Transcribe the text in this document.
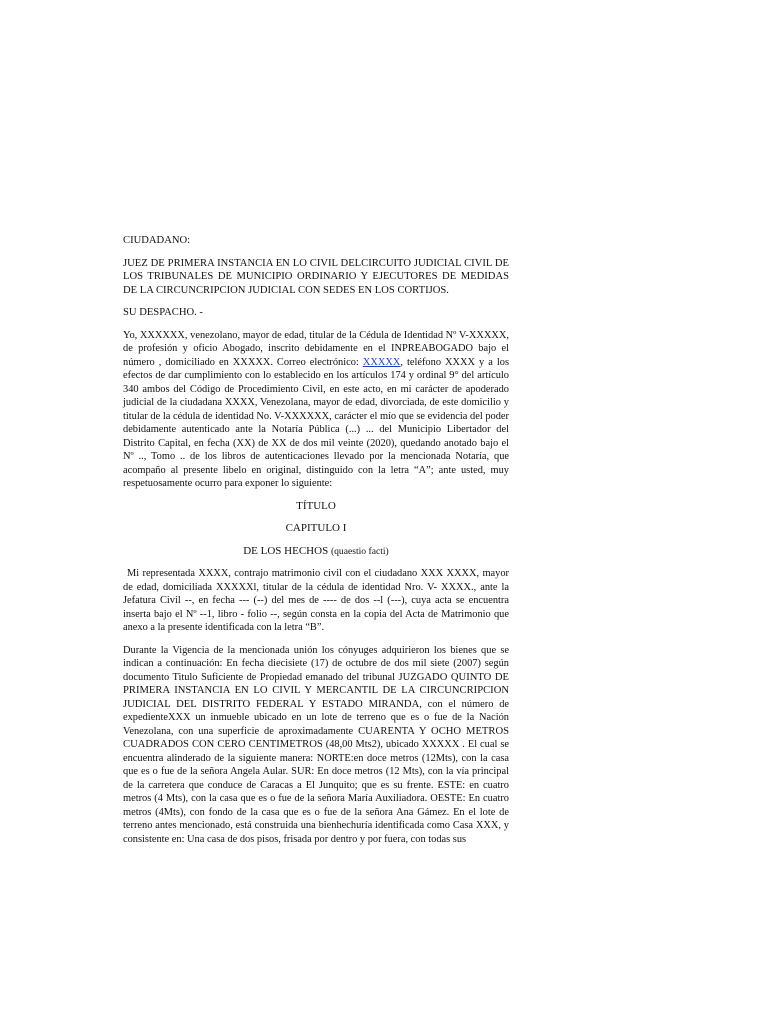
CIUDADANO:

JUEZ DE PRIMERA INSTANCIA EN LO CIVIL DELCIRCUITO JUDICIAL CIVIL DE LOS TRIBUNALES DE MUNICIPIO ORDINARIO Y EJECUTORES DE MEDIDAS DE LA CIRCUNCRIPCION JUDICIAL CON SEDES EN LOS CORTIJOS.

SU DESPACHO. -

Yo, XXXXXX, venezolano, mayor de edad, titular de la Cédula de Identidad Nº V-XXXXX, de profesión y oficio Abogado, inscrito debidamente en el INPREABOGADO bajo el número , domiciliado en XXXXX. Correo electrónico: XXXXX, teléfono XXXX y a los efectos de dar cumplimiento con lo establecido en los artículos 174 y ordinal 9° del artículo 340 ambos del Código de Procedimiento Civil, en este acto, en mi carácter de apoderado judicial de la ciudadana XXXX, Venezolana, mayor de edad, divorciada, de este domicilio y titular de la cédula de identidad No. V-XXXXXX, carácter el mío que se evidencia del poder debidamente autenticado ante la Notaría Pública (...) ... del Municipio Libertador del Distrito Capital, en fecha (XX) de XX de dos mil veinte (2020), quedando anotado bajo el Nº .., Tomo .. de los libros de autenticaciones llevado por la mencionada Notaría, que acompaño al presente libelo en original, distinguido con la letra “A”; ante usted, muy respetuosamente ocurro para exponer lo siguiente:

TÍTULO

CAPITULO I

DE LOS HECHOS (quaestio facti)

Mi representada XXXX, contrajo matrimonio civil con el ciudadano XXX XXXX, mayor de edad, domiciliada XXXXXl, titular de la cédula de identidad Nro. V- XXXX., ante la Jefatura Civil --, en fecha --- (--) del mes de ---- de dos --l (---), cuya acta se encuentra inserta bajo el Nº --1, libro - folio --, según consta en la copia del Acta de Matrimonio que anexo a la presente identificada con la letra “B”.

Durante la Vigencia de la mencionada unión los cónyuges adquirieron los bienes que se indican a continuación: En fecha diecisiete (17) de octubre de dos mil siete (2007) según documento Titulo Suficiente de Propiedad emanado del tribunal JUZGADO QUINTO DE PRIMERA INSTANCIA EN LO CIVIL Y MERCANTIL DE LA CIRCUNCRIPCION JUDICIAL DEL DISTRITO FEDERAL Y ESTADO MIRANDA, con el número de expedienteXXX un inmueble ubicado en un lote de terreno que es o fue de la Nación Venezolana, con una superficie de aproximadamente CUARENTA Y OCHO METROS CUADRADOS CON CERO CENTIMETROS (48,00 Mts2), ubicado XXXXX . El cual se encuentra alinderado de la siguiente manera: NORTE:en doce metros (12Mts), con la casa que es o fue de la señora Angela Aular. SUR: En doce metros (12 Mts), con la vía principal de la carretera que conduce de Caracas a El Junquito; que es su frente. ESTE: en cuatro metros (4 Mts), con la casa que es o fue de la señora María Auxiliadora. OESTE: En cuatro metros (4Mts), con fondo de la casa que es o fue de la señora Ana Gámez. En el lote de terreno antes mencionado, está construida una bienhechuría identificada como Casa XXX, y consistente en: Una casa de dos pisos, frisada por dentro y por fuera, con todas sus
